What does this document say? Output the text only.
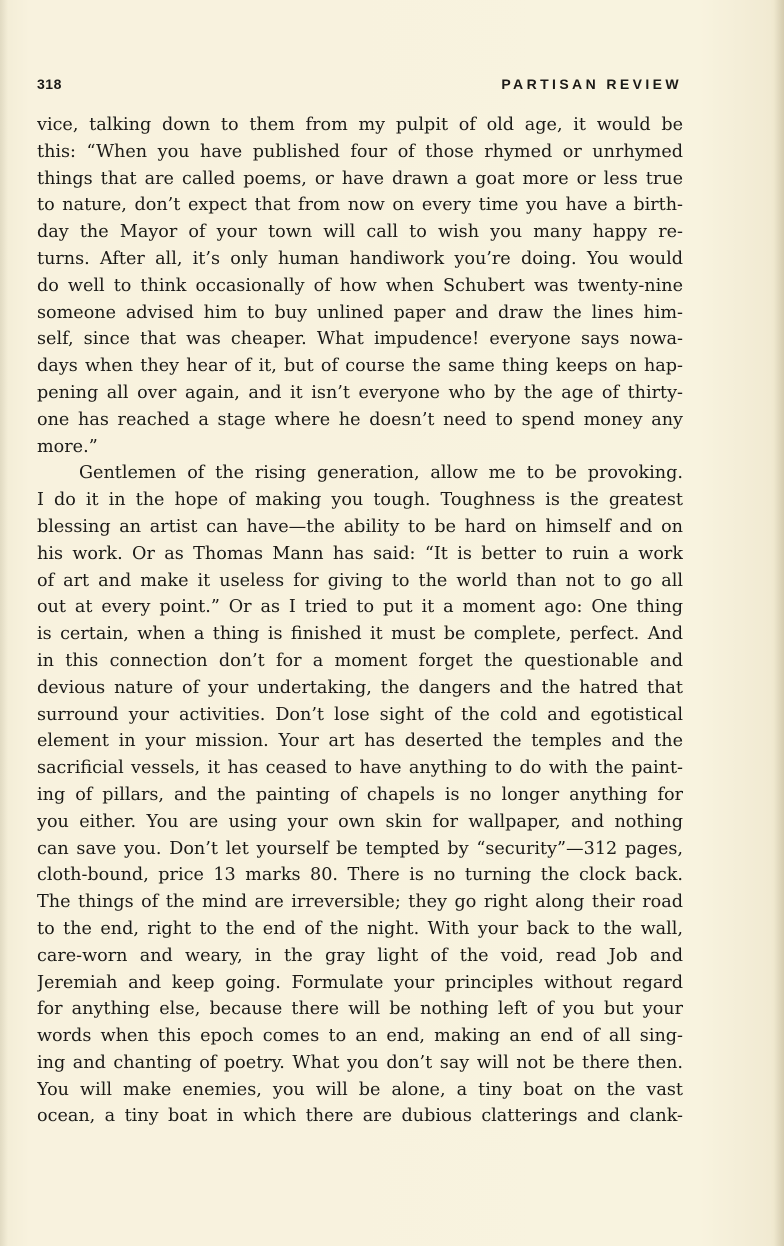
318	PARTISAN REVIEW
vice, talking down to them from my pulpit of old age, it would be
this: “When you have published four of those rhymed or unrhymed
things that are called poems, or have drawn a goat more or less true
to nature, don’t expect that from now on every time you have a birth-
day the Mayor of your town will call to wish you many happy re-
turns. After all, it’s only human handiwork you’re doing. You would
do well to think occasionally of how when Schubert was twenty-nine
someone advised him to buy unlined paper and draw the lines him-
self, since that was cheaper. What impudence! everyone says nowa-
days when they hear of it, but of course the same thing keeps on hap-
pening all over again, and it isn’t everyone who by the age of thirty-
one has reached a stage where he doesn’t need to spend money any
more.”
Gentlemen of the rising generation, allow me to be provoking.
I do it in the hope of making you tough. Toughness is the greatest
blessing an artist can have—the ability to be hard on himself and on
his work. Or as Thomas Mann has said: “It is better to ruin a work
of art and make it useless for giving to the world than not to go all
out at every point.” Or as I tried to put it a moment ago: One thing
is certain, when a thing is finished it must be complete, perfect. And
in this connection don’t for a moment forget the questionable and
devious nature of your undertaking, the dangers and the hatred that
surround your activities. Don’t lose sight of the cold and egotistical
element in your mission. Your art has deserted the temples and the
sacrificial vessels, it has ceased to have anything to do with the paint-
ing of pillars, and the painting of chapels is no longer anything for
you either. You are using your own skin for wallpaper, and nothing
can save you. Don’t let yourself be tempted by “security”—312 pages,
cloth-bound, price 13 marks 80. There is no turning the clock back.
The things of the mind are irreversible; they go right along their road
to the end, right to the end of the night. With your back to the wall,
care-worn and weary, in the gray light of the void, read Job and
Jeremiah and keep going. Formulate your principles without regard
for anything else, because there will be nothing left of you but your
words when this epoch comes to an end, making an end of all sing-
ing and chanting of poetry. What you don’t say will not be there then.
You will make enemies, you will be alone, a tiny boat on the vast
ocean, a tiny boat in which there are dubious clatterings and clank-
